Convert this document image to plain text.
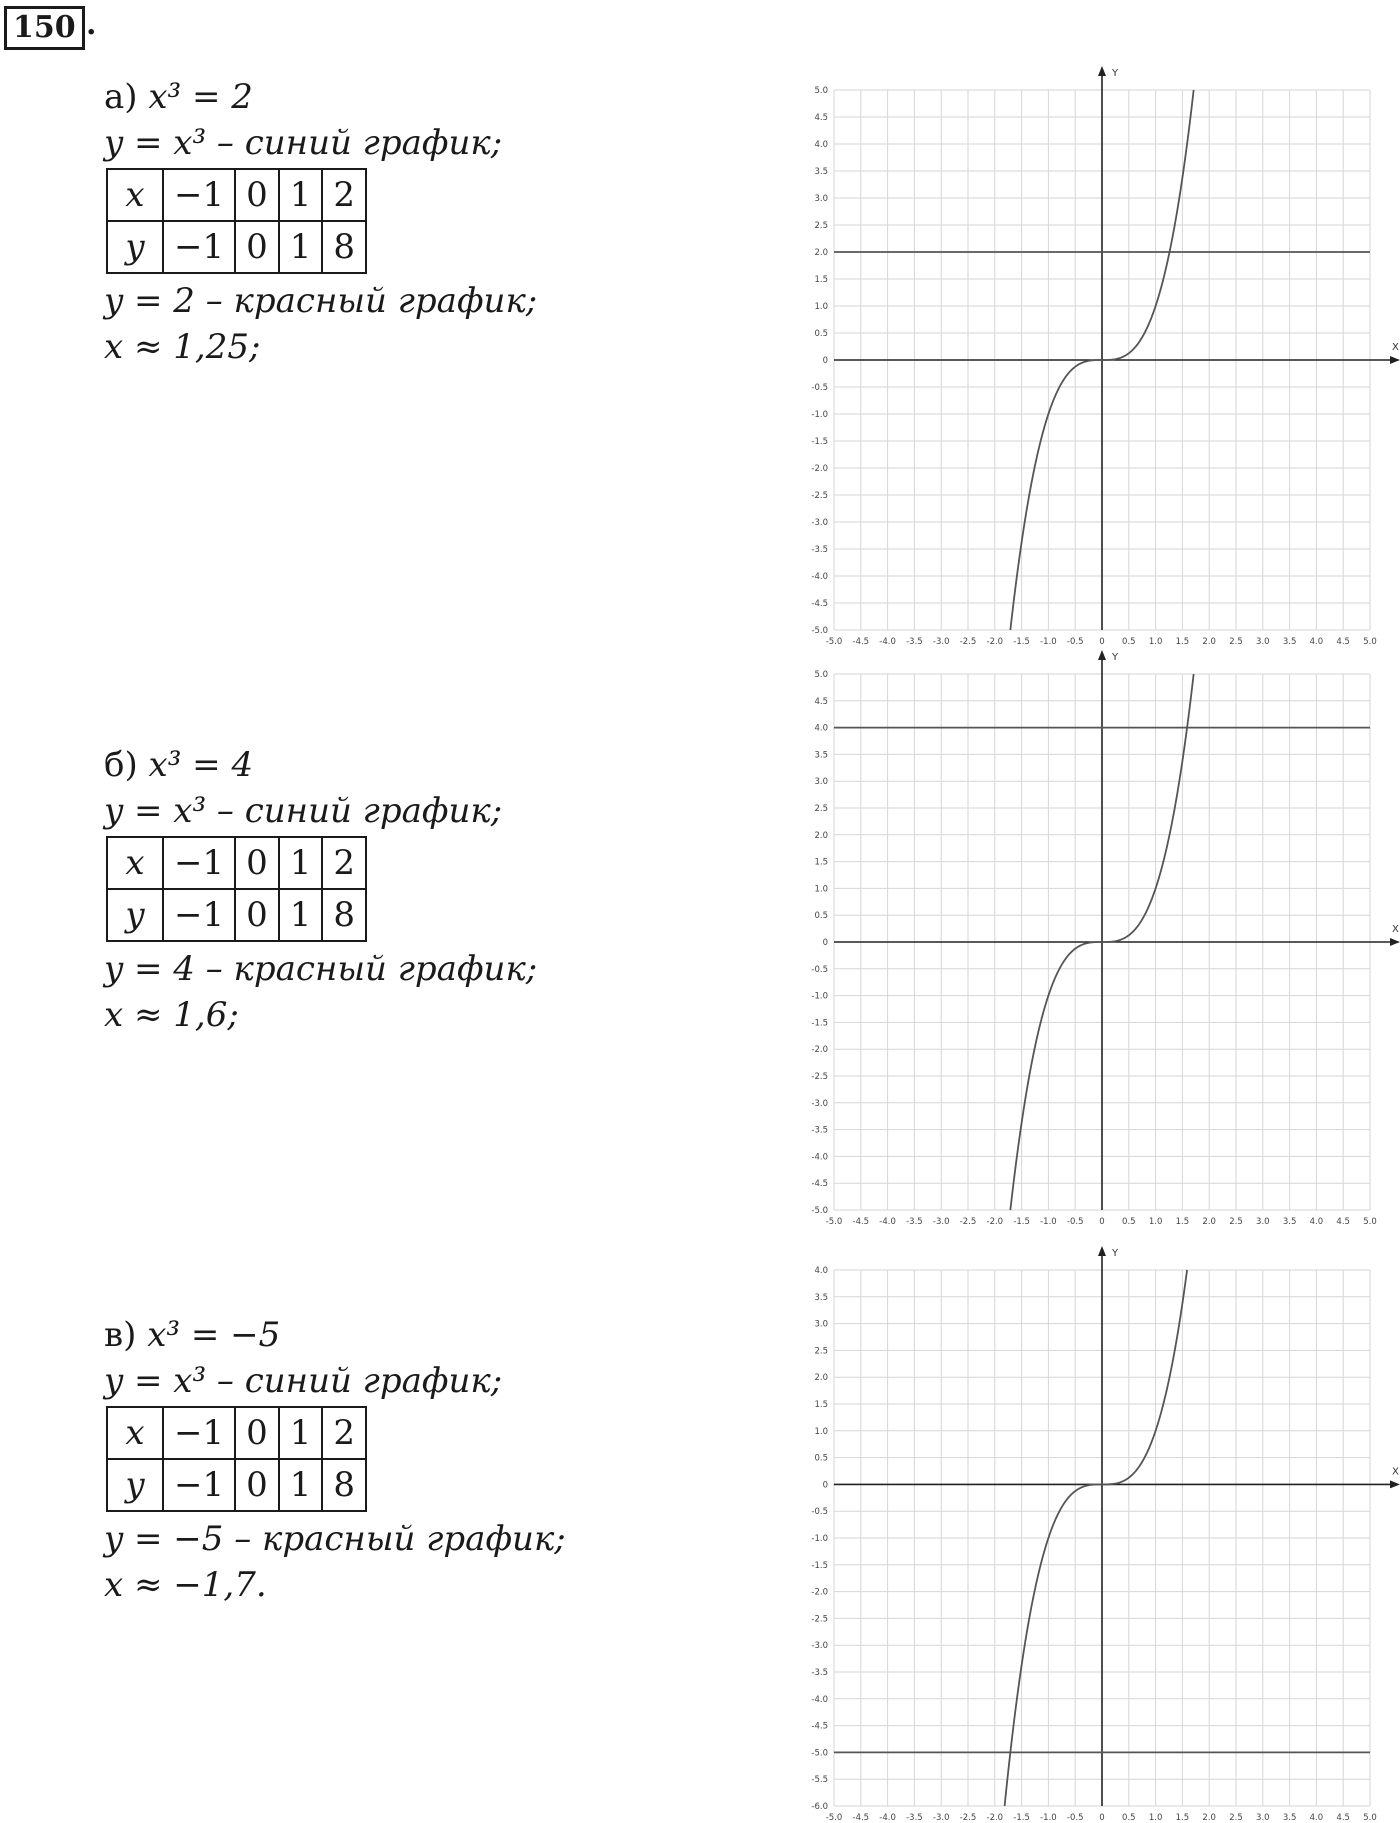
150 .
а) x³ = 2
y = x³ – синий график;
x	−1	0	1	2
y	−1	0	1	8
y = 2 – красный график;
x ≈ 1,25;
б) x³ = 4
y = x³ – синий график;
x	−1	0	1	2
y	−1	0	1	8
y = 4 – красный график;
x ≈ 1,6;
в) x³ = −5
y = x³ – синий график;
x	−1	0	1	2
y	−1	0	1	8
y = −5 – красный график;
x ≈ −1,7.
-5.0 -4.5 -4.0 -3.5 -3.0 -2.5 -2.0 -1.5 -1.0 -0.5 0 0.5 1.0 1.5 2.0 2.5 3.0 3.5 4.0 4.5 5.0
5.0
4.5
4.0
3.5
3.0
2.5
2.0
1.5
1.0
0.5
0
-0.5
-1.0
-1.5
-2.0
-2.5
-3.0
-3.5
-4.0
-4.5
-5.0
X
Y
-5.0 -4.5 -4.0 -3.5 -3.0 -2.5 -2.0 -1.5 -1.0 -0.5 0 0.5 1.0 1.5 2.0 2.5 3.0 3.5 4.0 4.5 5.0
5.0
4.5
4.0
3.5
3.0
2.5
2.0
1.5
1.0
0.5
0
-0.5
-1.0
-1.5
-2.0
-2.5
-3.0
-3.5
-4.0
-4.5
-5.0
X
Y
-5.0 -4.5 -4.0 -3.5 -3.0 -2.5 -2.0 -1.5 -1.0 -0.5 0 0.5 1.0 1.5 2.0 2.5 3.0 3.5 4.0 4.5 5.0
4.0
3.5
3.0
2.5
2.0
1.5
1.0
0.5
0
-0.5
-1.0
-1.5
-2.0
-2.5
-3.0
-3.5
-4.0
-4.5
-5.0
-5.5
-6.0
X
Y
